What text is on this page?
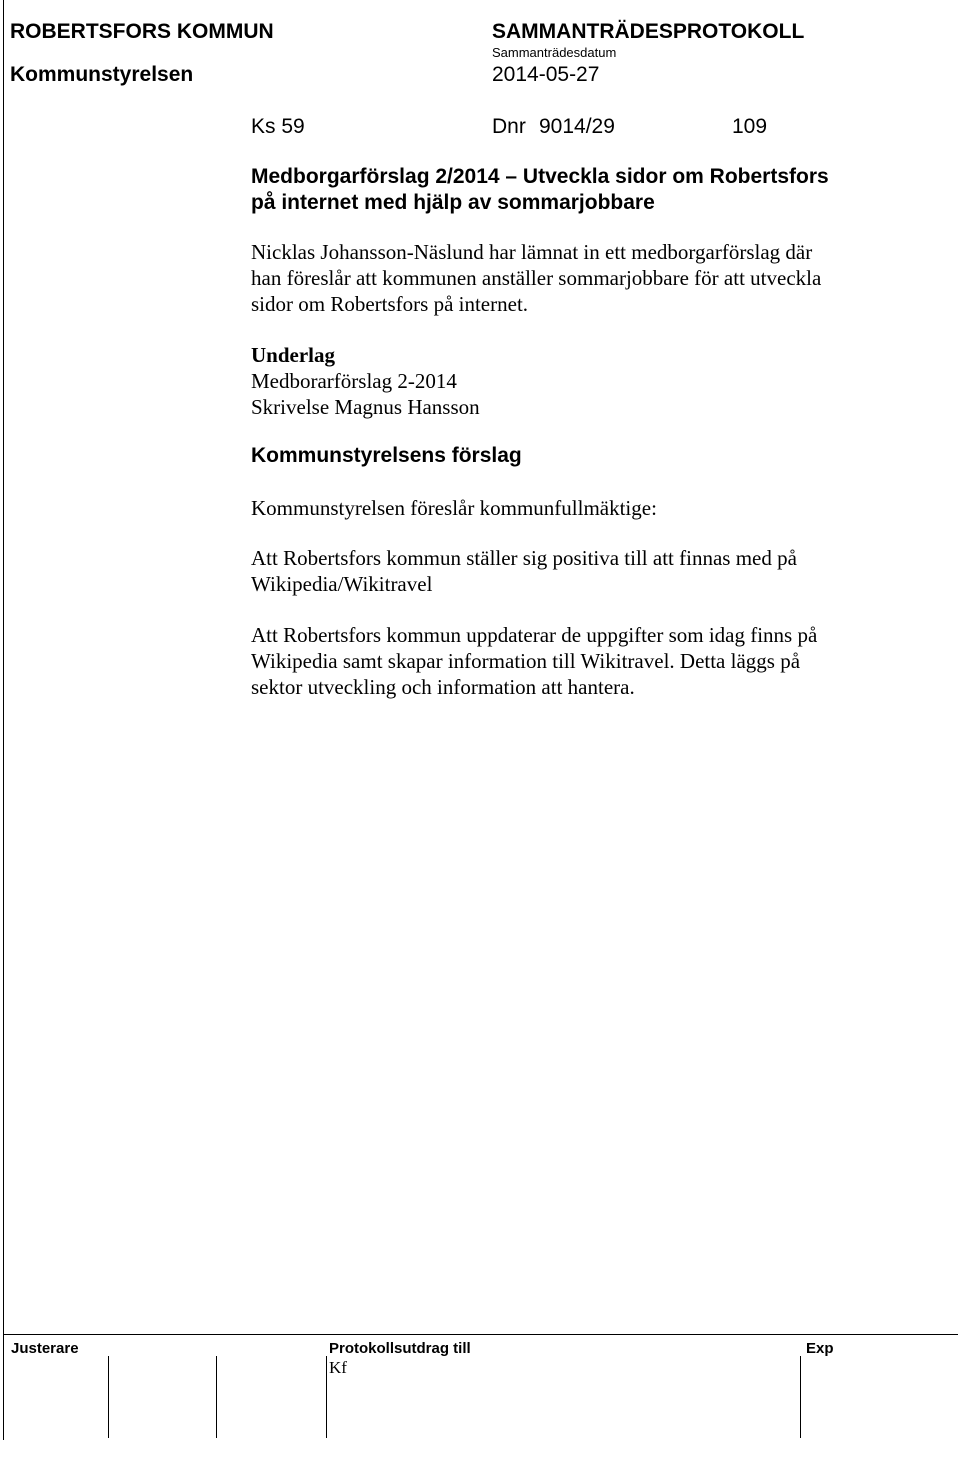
ROBERTSFORS KOMMUN
Kommunstyrelsen
SAMMANTRÄDESPROTOKOLL
Sammanträdesdatum
2014-05-27
Ks 59	Dnr 9014/29	109
Medborgarförslag 2/2014 – Utveckla sidor om Robertsfors
på internet med hjälp av sommarjobbare
Nicklas Johansson-Näslund har lämnat in ett medborgarförslag där
han föreslår att kommunen anställer sommarjobbare för att utveckla
sidor om Robertsfors på internet.
Underlag
Medborarförslag 2-2014
Skrivelse Magnus Hansson
Kommunstyrelsens förslag
Kommunstyrelsen föreslår kommunfullmäktige:
Att Robertsfors kommun ställer sig positiva till att finnas med på
Wikipedia/Wikitravel
Att Robertsfors kommun uppdaterar de uppgifter som idag finns på
Wikipedia samt skapar information till Wikitravel. Detta läggs på
sektor utveckling och information att hantera.
Justerare	Protokollsutdrag till
Kf
Exp
